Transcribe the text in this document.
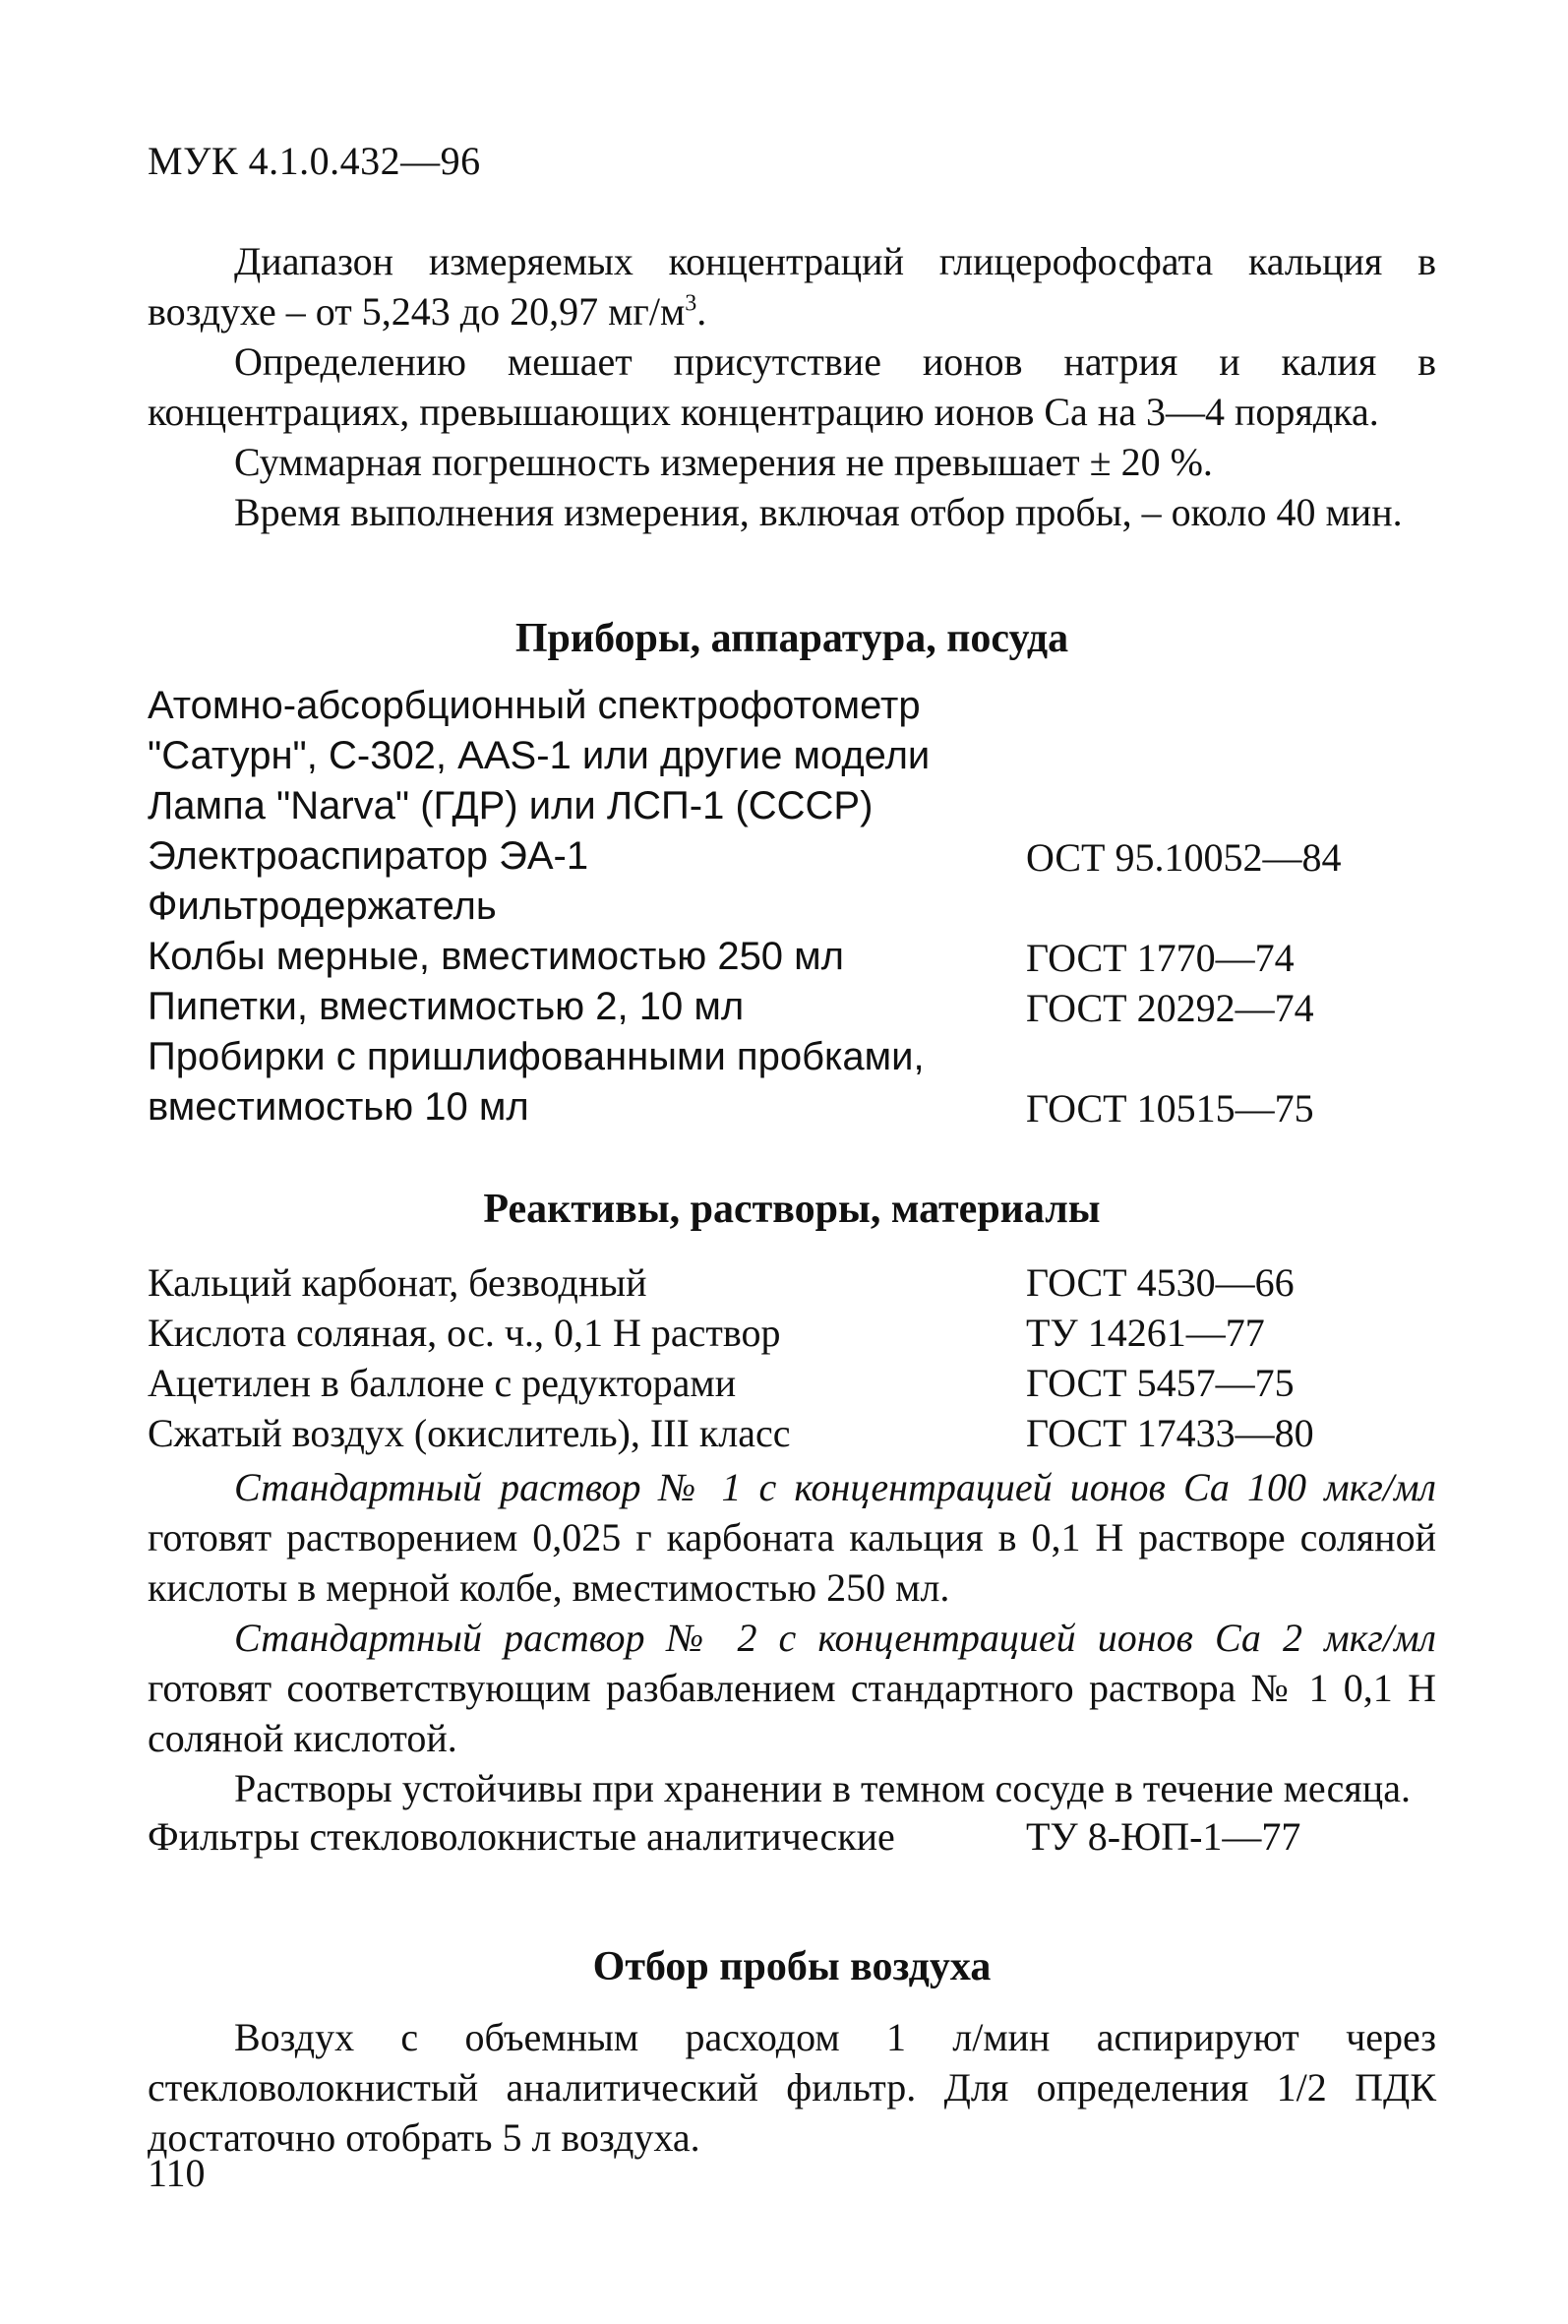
МУК 4.1.0.432—96
Диапазон измеряемых концентраций глицерофосфата кальция в воздухе – от 5,243 до 20,97 $мг/м^3$.
Определению мешает присутствие ионов натрия и калия в концентрациях, превышающих концентрацию ионов Са на 3—4 порядка.
Суммарная погрешность измерения не превышает ± 20 %.
Время выполнения измерения, включая отбор пробы, – около 40 мин.
Приборы, аппаратура, посуда
Атомно-абсорбционный спектрофотометр
"Сатурн", С-302, AAS-1 или другие модели
Лампа "Narva" (ГДР) или ЛСП-1 (СССР)
Электроаспиратор ЭА-1	ОСТ 95.10052—84
Фильтродержатель
Колбы мерные, вместимостью 250 мл	ГОСТ 1770—74
Пипетки, вместимостью 2, 10 мл	ГОСТ 20292—74
Пробирки с пришлифованными пробками,
вместимостью 10 мл	ГОСТ 10515—75
Реактивы, растворы, материалы
Кальций карбонат, безводный	ГОСТ 4530—66
Кислота соляная, ос. ч., 0,1 Н раствор	ТУ 14261—77
Ацетилен в баллоне с редукторами	ГОСТ 5457—75
Сжатый воздух (окислитель), III класс	ГОСТ 17433—80
Стандартный раствор № 1 с концентрацией ионов Са 100 мкг/мл готовят растворением 0,025 г карбоната кальция в 0,1 Н растворе соляной кислоты в мерной колбе, вместимостью 250 мл.
Стандартный раствор № 2 с концентрацией ионов Са 2 мкг/мл готовят соответствующим разбавлением стандартного раствора № 1 0,1 Н соляной кислотой.
Растворы устойчивы при хранении в темном сосуде в течение месяца.
Фильтры стекловолокнистые аналитические	ТУ 8-ЮП-1—77
Отбор пробы воздуха
Воздух с объемным расходом 1 л/мин аспирируют через стекловолокнистый аналитический фильтр. Для определения 1/2 ПДК достаточно отобрать 5 л воздуха.
110
